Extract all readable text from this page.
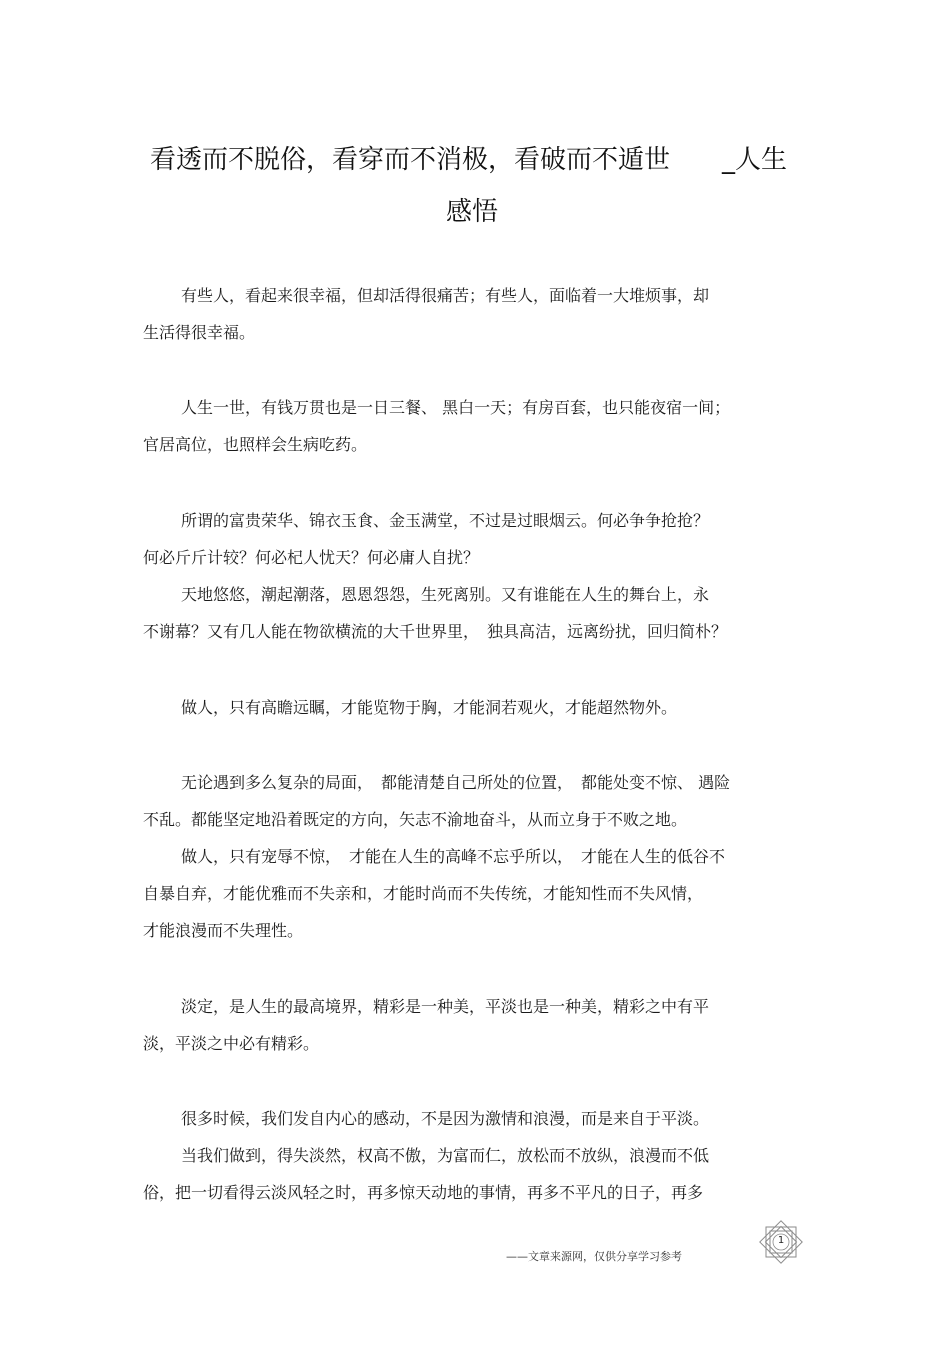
看透而不脱俗，看穿而不消极，看破而不遁世　　_人生
感悟
有些人，看起来很幸福，但却活得很痛苦；有些人，面临着一大堆烦事，却
生活得很幸福。
人生一世，有钱万贯也是一日三餐、 黑白一天；有房百套，也只能夜宿一间；
官居高位，也照样会生病吃药。
所谓的富贵荣华、锦衣玉食、金玉满堂，不过是过眼烟云。何必争争抢抢？
何必斤斤计较？何必杞人忧天？何必庸人自扰？
天地悠悠，潮起潮落，恩恩怨怨，生死离别。又有谁能在人生的舞台上，永
不谢幕？又有几人能在物欲横流的大千世界里，　独具高洁，远离纷扰，回归简朴？
做人，只有高瞻远瞩，才能览物于胸，才能洞若观火，才能超然物外。
无论遇到多么复杂的局面，　都能清楚自己所处的位置，　都能处变不惊、 遇险
不乱。都能坚定地沿着既定的方向，矢志不渝地奋斗，从而立身于不败之地。
做人，只有宠辱不惊，　才能在人生的高峰不忘乎所以，　才能在人生的低谷不
自暴自弃，才能优雅而不失亲和，才能时尚而不失传统，才能知性而不失风情，
才能浪漫而不失理性。
淡定，是人生的最高境界，精彩是一种美，平淡也是一种美，精彩之中有平
淡，平淡之中必有精彩。
很多时候，我们发自内心的感动，不是因为激情和浪漫，而是来自于平淡。
当我们做到，得失淡然，权高不傲，为富而仁，放松而不放纵，浪漫而不低
俗，把一切看得云淡风轻之时，再多惊天动地的事情，再多不平凡的日子，再多
——文章来源网，仅供分享学习参考
1
